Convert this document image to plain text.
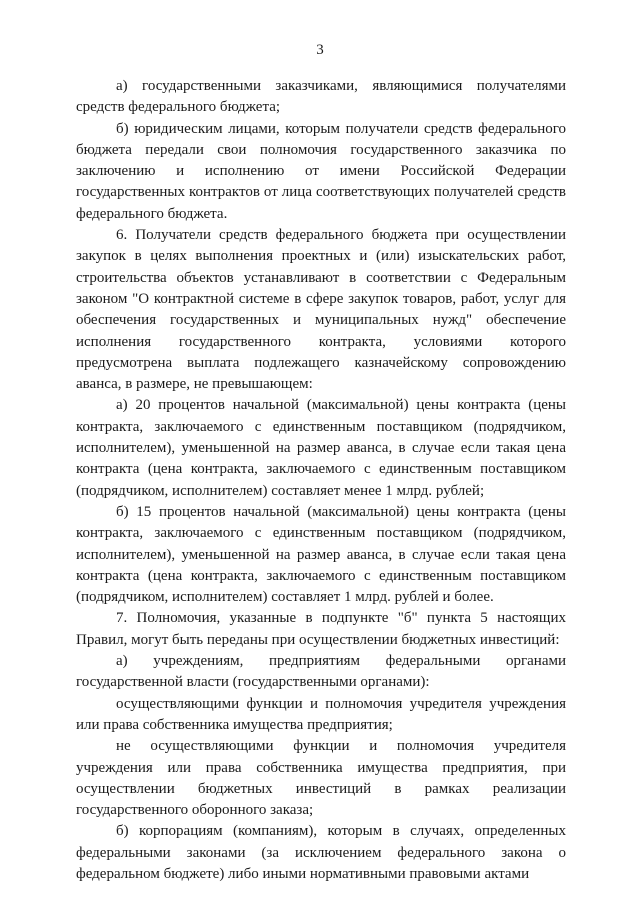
3

а) государственными заказчиками, являющимися получателями средств федерального бюджета;

б) юридическим лицами, которым получатели средств федерального бюджета передали свои полномочия государственного заказчика по заключению и исполнению от имени Российской Федерации государственных контрактов от лица соответствующих получателей средств федерального бюджета.

6. Получатели средств федерального бюджета при осуществлении закупок в целях выполнения проектных и (или) изыскательских работ, строительства объектов устанавливают в соответствии с Федеральным законом "О контрактной системе в сфере закупок товаров, работ, услуг для обеспечения государственных и муниципальных нужд" обеспечение исполнения государственного контракта, условиями которого предусмотрена выплата подлежащего казначейскому сопровождению аванса, в размере, не превышающем:

а) 20 процентов начальной (максимальной) цены контракта (цены контракта, заключаемого с единственным поставщиком (подрядчиком, исполнителем), уменьшенной на размер аванса, в случае если такая цена контракта (цена контракта, заключаемого с единственным поставщиком (подрядчиком, исполнителем) составляет менее 1 млрд. рублей;

б) 15 процентов начальной (максимальной) цены контракта (цены контракта, заключаемого с единственным поставщиком (подрядчиком, исполнителем), уменьшенной на размер аванса, в случае если такая цена контракта (цена контракта, заключаемого с единственным поставщиком (подрядчиком, исполнителем) составляет 1 млрд. рублей и более.

7. Полномочия, указанные в подпункте "б" пункта 5 настоящих Правил, могут быть переданы при осуществлении бюджетных инвестиций:

а) учреждениям, предприятиям федеральными органами государственной власти (государственными органами):

осуществляющими функции и полномочия учредителя учреждения или права собственника имущества предприятия;

не осуществляющими функции и полномочия учредителя учреждения или права собственника имущества предприятия, при осуществлении бюджетных инвестиций в рамках реализации государственного оборонного заказа;

б) корпорациям (компаниям), которым в случаях, определенных федеральными законами (за исключением федерального закона о федеральном бюджете) либо иными нормативными правовыми актами
